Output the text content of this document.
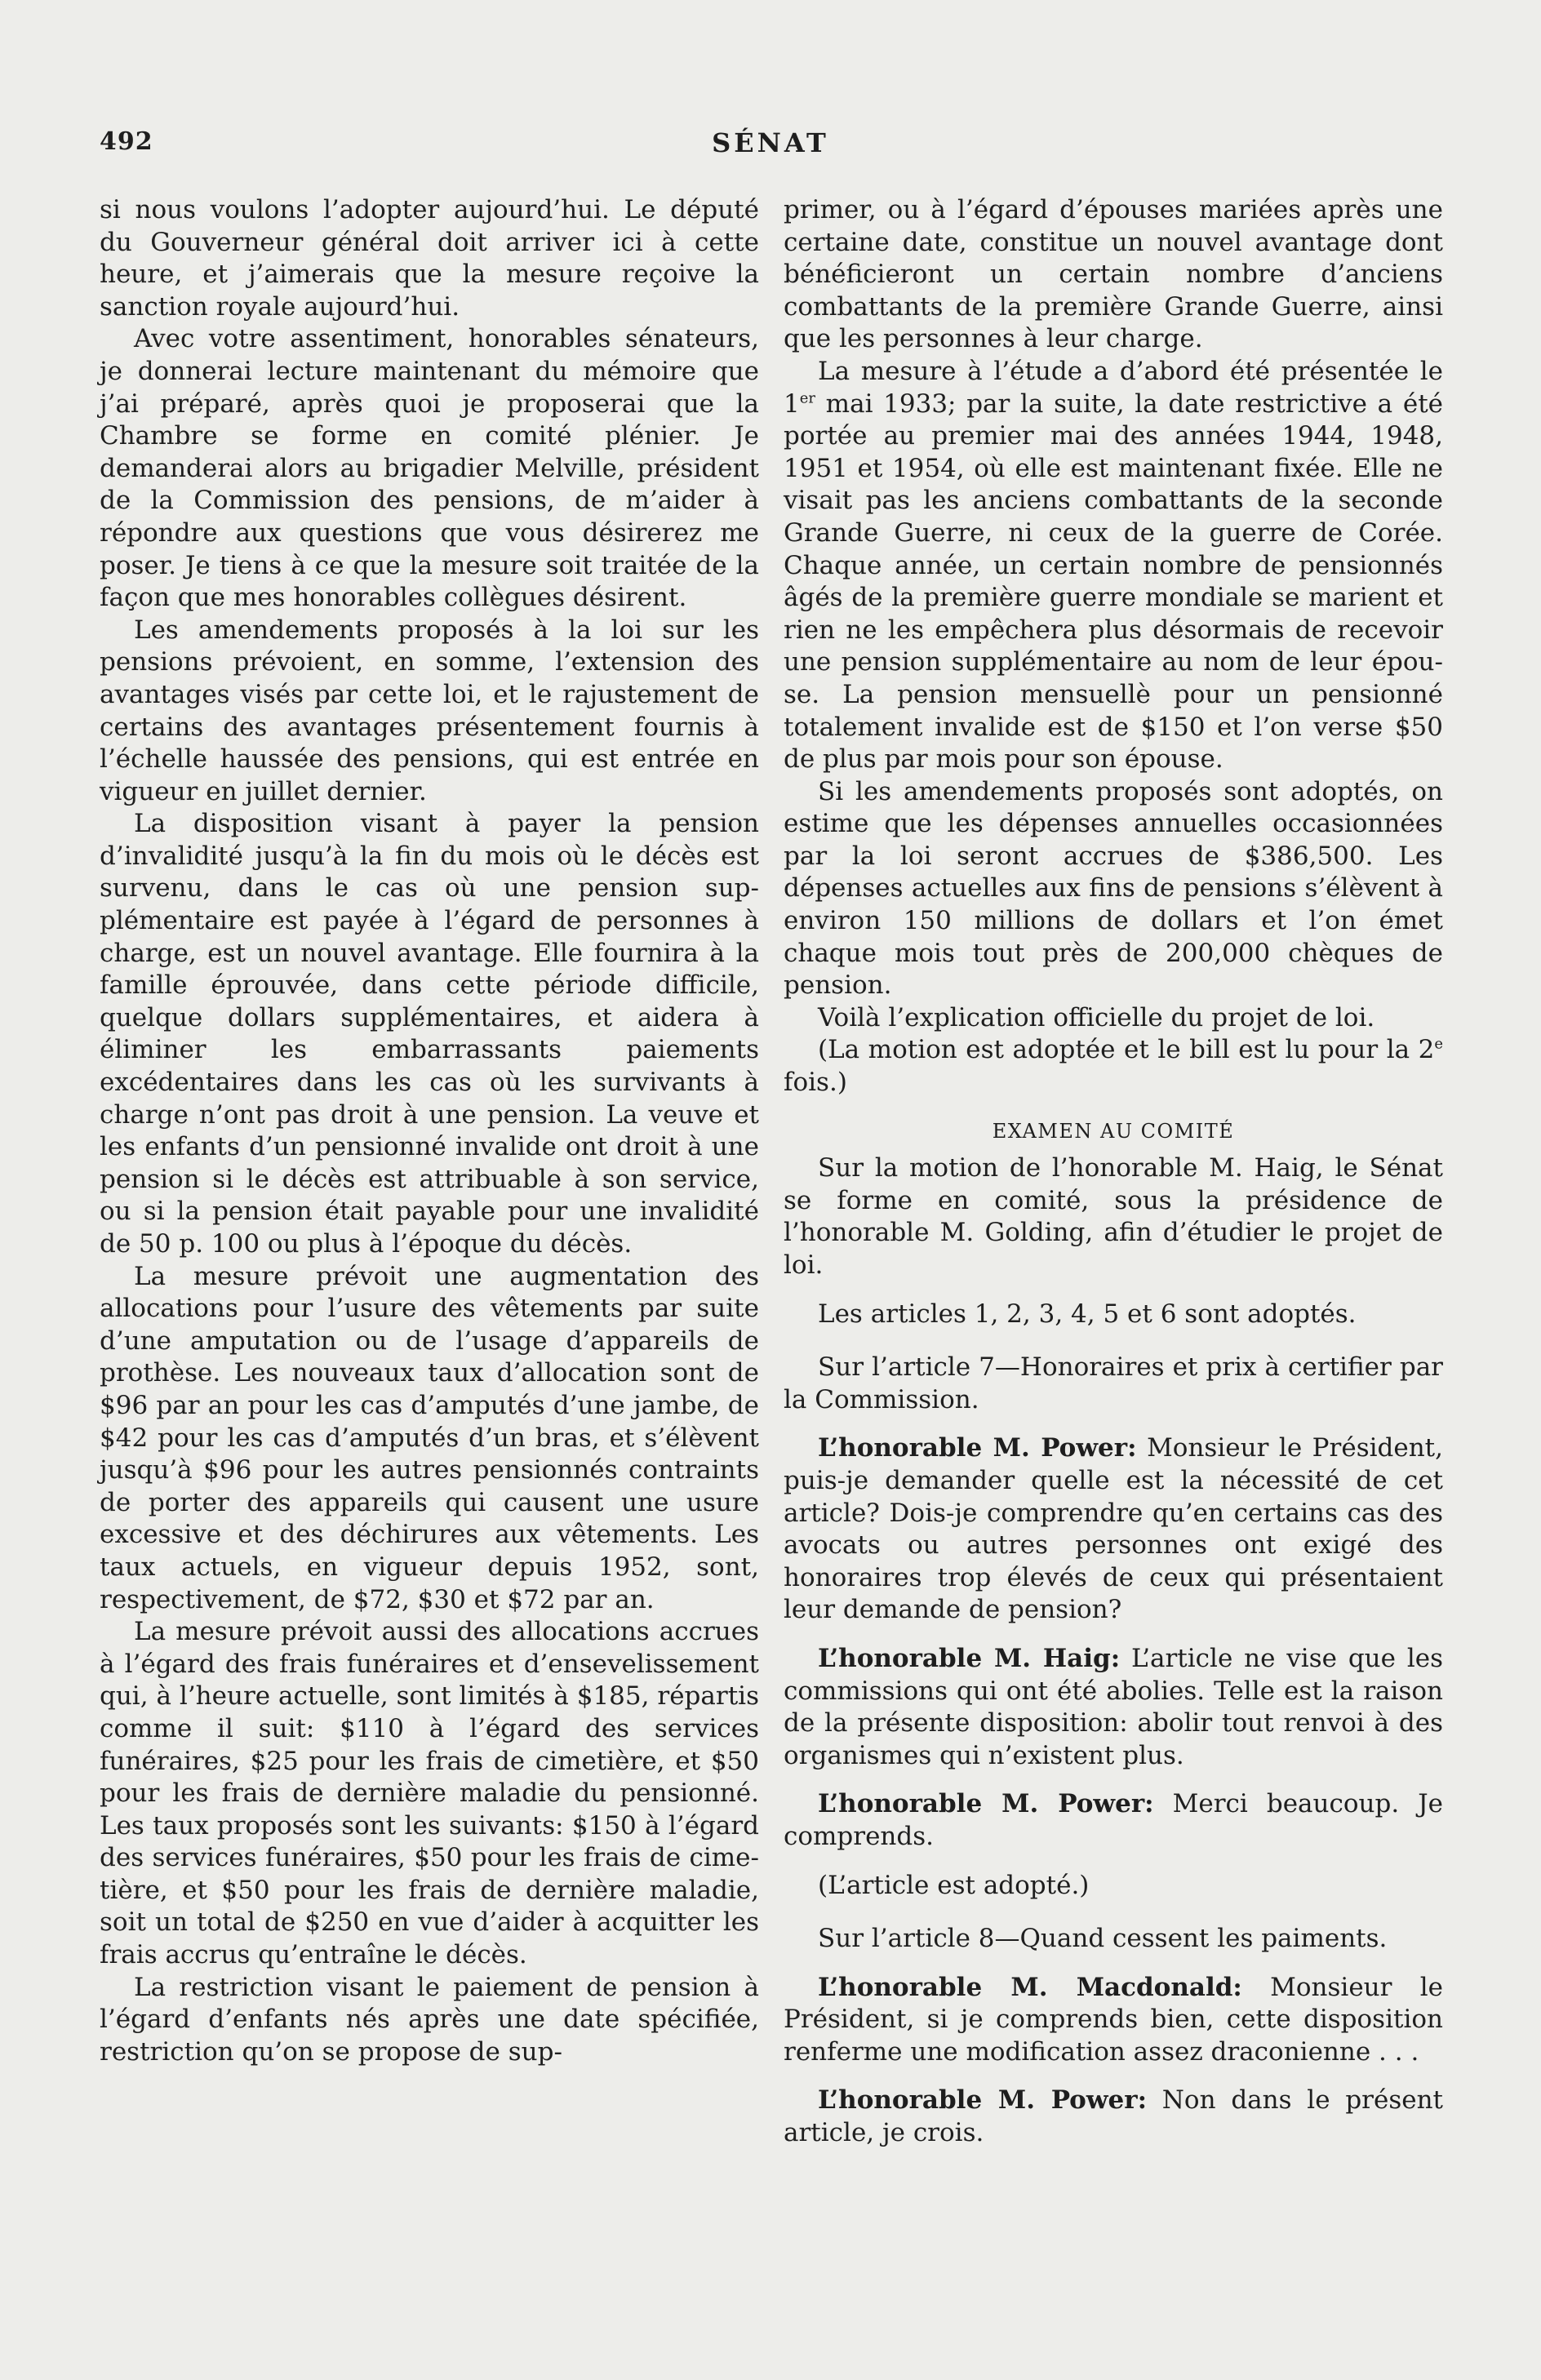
492	SÉNAT

si nous voulons l’adopter aujourd’hui. Le député du Gouverneur général doit arriver ici à cette heure, et j’aimerais que la mesure reçoive la sanction royale aujourd’hui.

Avec votre assentiment, honorables sénateurs, je donnerai lecture maintenant du mémoire que j’ai préparé, après quoi je proposerai que la Chambre se forme en comité plénier. Je demanderai alors au brigadier Melville, président de la Commission des pensions, de m’aider à répondre aux questions que vous désirerez me poser. Je tiens à ce que la mesure soit traitée de la façon que mes honorables collègues désirent.

Les amendements proposés à la loi sur les pensions prévoient, en somme, l’extension des avantages visés par cette loi, et le rajustement de certains des avantages présentement fournis à l’échelle haussée des pensions, qui est entrée en vigueur en juillet dernier.

La disposition visant à payer la pension d’invalidité jusqu’à la fin du mois où le décès est survenu, dans le cas où une pension supplémentaire est payée à l’égard de personnes à charge, est un nouvel avantage. Elle fournira à la famille éprouvée, dans cette période difficile, quelque dollars supplémentaires, et aidera à éliminer les embarrassants paiements excédentaires dans les cas où les survivants à charge n’ont pas droit à une pension. La veuve et les enfants d’un pensionné invalide ont droit à une pension si le décès est attribuable à son service, ou si la pension était payable pour une invalidité de 50 p. 100 ou plus à l’époque du décès.

La mesure prévoit une augmentation des allocations pour l’usure des vêtements par suite d’une amputation ou de l’usage d’appareils de prothèse. Les nouveaux taux d’allocation sont de $96 par an pour les cas d’amputés d’une jambe, de $42 pour les cas d’amputés d’un bras, et s’élèvent jusqu’à $96 pour les autres pensionnés contraints de porter des appareils qui causent une usure excessive et des déchirures aux vêtements. Les taux actuels, en vigueur depuis 1952, sont, respectivement, de $72, $30 et $72 par an.

La mesure prévoit aussi des allocations accrues à l’égard des frais funéraires et d’ensevelissement qui, à l’heure actuelle, sont limités à $185, répartis comme il suit: $110 à l’égard des services funéraires, $25 pour les frais de cimetière, et $50 pour les frais de dernière maladie du pensionné. Les taux proposés sont les suivants: $150 à l’égard des services funéraires, $50 pour les frais de cimetière, et $50 pour les frais de dernière maladie, soit un total de $250 en vue d’aider à acquitter les frais accrus qu’entraîne le décès.

La restriction visant le paiement de pension à l’égard d’enfants nés après une date spécifiée, restriction qu’on se propose de sup-

primer, ou à l’égard d’épouses mariées après une certaine date, constitue un nouvel avantage dont bénéficieront un certain nombre d’anciens combattants de la première Grande Guerre, ainsi que les personnes à leur charge.

La mesure à l’étude a d’abord été présentée le 1er mai 1933; par la suite, la date restrictive a été portée au premier mai des années 1944, 1948, 1951 et 1954, où elle est maintenant fixée. Elle ne visait pas les anciens combattants de la seconde Grande Guerre, ni ceux de la guerre de Corée. Chaque année, un certain nombre de pensionnés âgés de la première guerre mondiale se marient et rien ne les empêchera plus désormais de recevoir une pension supplémentaire au nom de leur épouse. La pension mensuellè pour un pensionné totalement invalide est de $150 et l’on verse $50 de plus par mois pour son épouse.

Si les amendements proposés sont adoptés, on estime que les dépenses annuelles occasionnées par la loi seront accrues de $386,500. Les dépenses actuelles aux fins de pensions s’élèvent à environ 150 millions de dollars et l’on émet chaque mois tout près de 200,000 chèques de pension.

Voilà l’explication officielle du projet de loi.

(La motion est adoptée et le bill est lu pour la 2e fois.)

EXAMEN AU COMITÉ

Sur la motion de l’honorable M. Haig, le Sénat se forme en comité, sous la présidence de l’honorable M. Golding, afin d’étudier le projet de loi.

Les articles 1, 2, 3, 4, 5 et 6 sont adoptés.

Sur l’article 7—Honoraires et prix à certifier par la Commission.

L’honorable M. Power: Monsieur le Président, puis-je demander quelle est la nécessité de cet article? Dois-je comprendre qu’en certains cas des avocats ou autres personnes ont exigé des honoraires trop élevés de ceux qui présentaient leur demande de pension?

L’honorable M. Haig: L’article ne vise que les commissions qui ont été abolies. Telle est la raison de la présente disposition: abolir tout renvoi à des organismes qui n’existent plus.

L’honorable M. Power: Merci beaucoup. Je comprends.

(L’article est adopté.)

Sur l’article 8—Quand cessent les paiments.

L’honorable M. Macdonald: Monsieur le Président, si je comprends bien, cette disposition renferme une modification assez draconienne . . .

L’honorable M. Power: Non dans le présent article, je crois.
